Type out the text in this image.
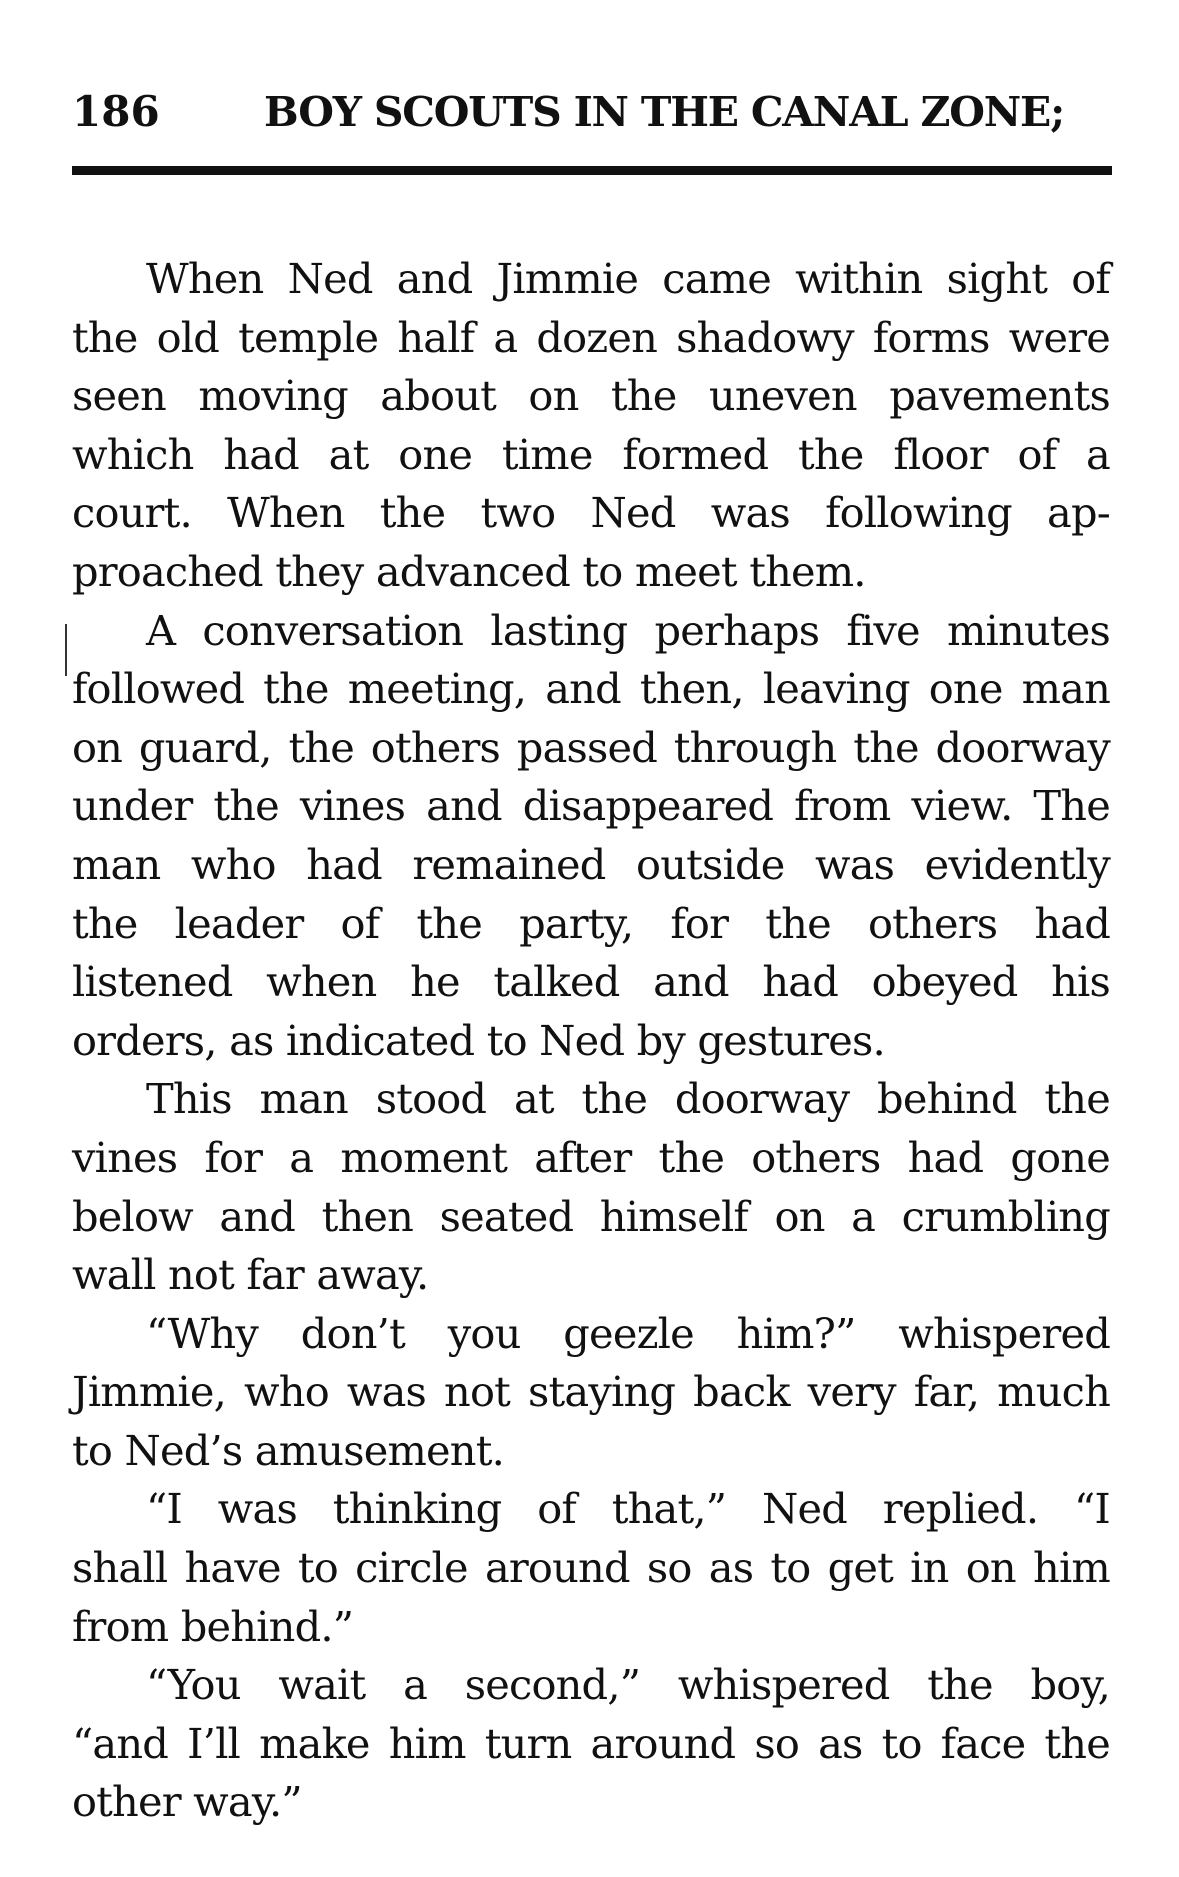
186	BOY SCOUTS IN THE CANAL ZONE;
When Ned and Jimmie came within sight of
the old temple half a dozen shadowy forms were
seen moving about on the uneven pavements
which had at one time formed the floor of a
court. When the two Ned was following ap-
proached they advanced to meet them.
A conversation lasting perhaps five minutes
followed the meeting, and then, leaving one man
on guard, the others passed through the doorway
under the vines and disappeared from view. The
man who had remained outside was evidently
the leader of the party, for the others had
listened when he talked and had obeyed his
orders, as indicated to Ned by gestures.
This man stood at the doorway behind the
vines for a moment after the others had gone
below and then seated himself on a crumbling
wall not far away.
“Why don’t you geezle him?” whispered
Jimmie, who was not staying back very far, much
to Ned’s amusement.
“I was thinking of that,” Ned replied. “I
shall have to circle around so as to get in on him
from behind.”
“You wait a second,” whispered the boy,
“and I’ll make him turn around so as to face the
other way.”
